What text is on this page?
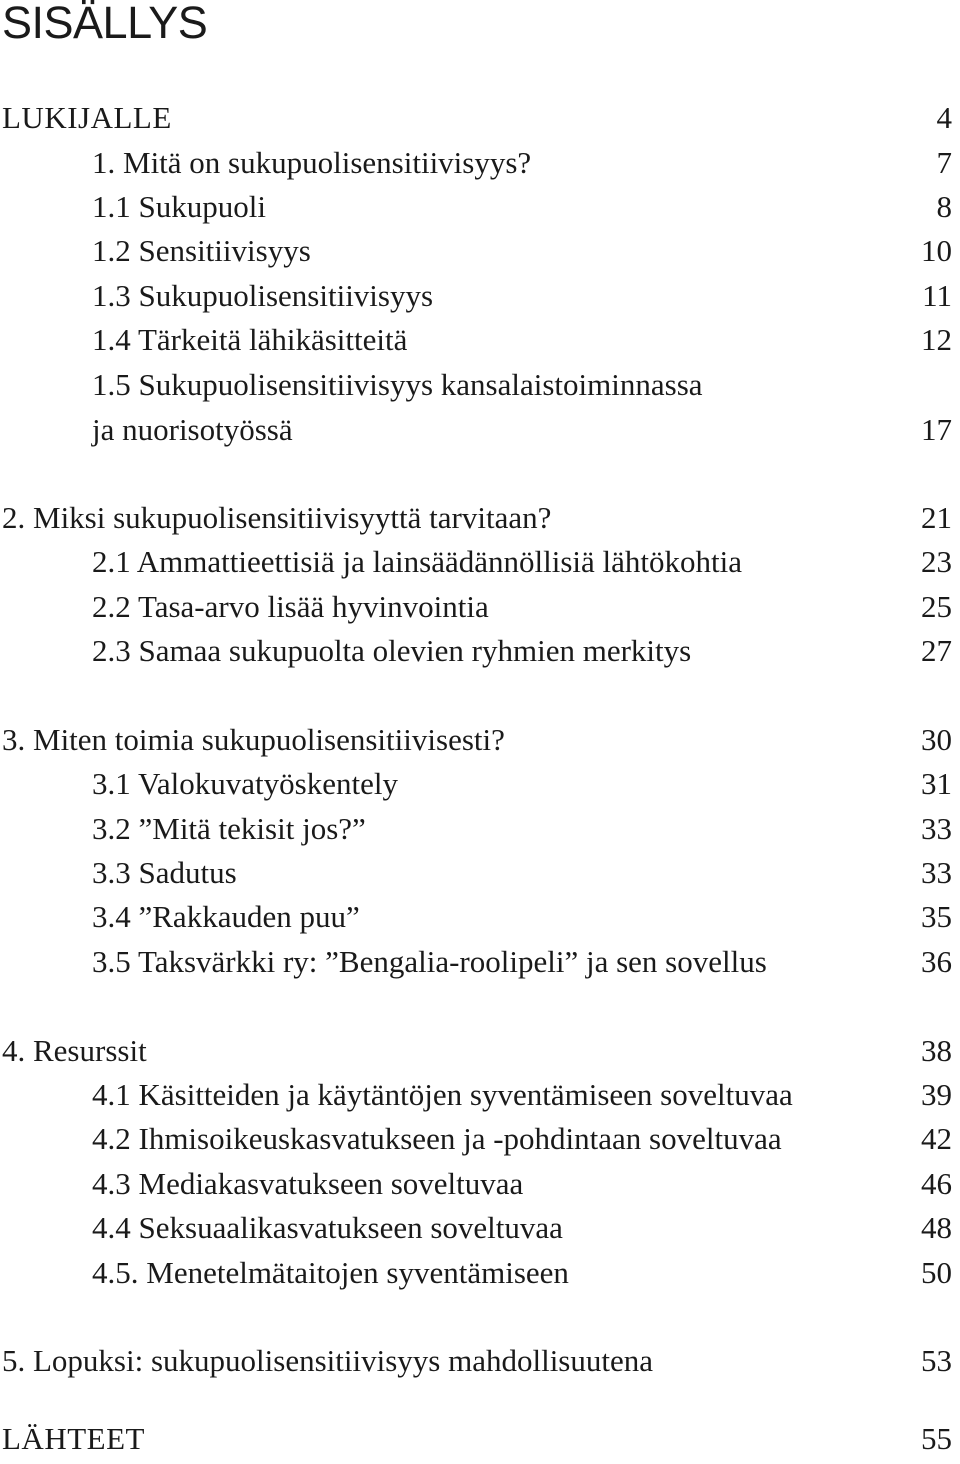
SISÄLLYS
LUKIJALLE	4
1. Mitä on sukupuolisensitiivisyys?	7
1.1 Sukupuoli	8
1.2 Sensitiivisyys	10
1.3 Sukupuolisensitiivisyys	11
1.4 Tärkeitä lähikäsitteitä	12
1.5 Sukupuolisensitiivisyys kansalaistoiminnassa
ja nuorisotyössä	17
2. Miksi sukupuolisensitiivisyyttä tarvitaan?	21
2.1 Ammattieettisiä ja lainsäädännöllisiä lähtökohtia	23
2.2 Tasa-arvo lisää hyvinvointia	25
2.3 Samaa sukupuolta olevien ryhmien merkitys	27
3. Miten toimia sukupuolisensitiivisesti?	30
3.1 Valokuvatyöskentely	31
3.2 ”Mitä tekisit jos?”	33
3.3 Sadutus	33
3.4 ”Rakkauden puu”	35
3.5 Taksvärkki ry: ”Bengalia-roolipeli” ja sen sovellus	36
4. Resurssit	38
4.1 Käsitteiden ja käytäntöjen syventämiseen soveltuvaa	39
4.2 Ihmisoikeuskasvatukseen ja -pohdintaan soveltuvaa	42
4.3 Mediakasvatukseen soveltuvaa	46
4.4 Seksuaalikasvatukseen soveltuvaa	48
4.5. Menetelmätaitojen syventämiseen	50
5. Lopuksi: sukupuolisensitiivisyys mahdollisuutena	53
LÄHTEET	55
